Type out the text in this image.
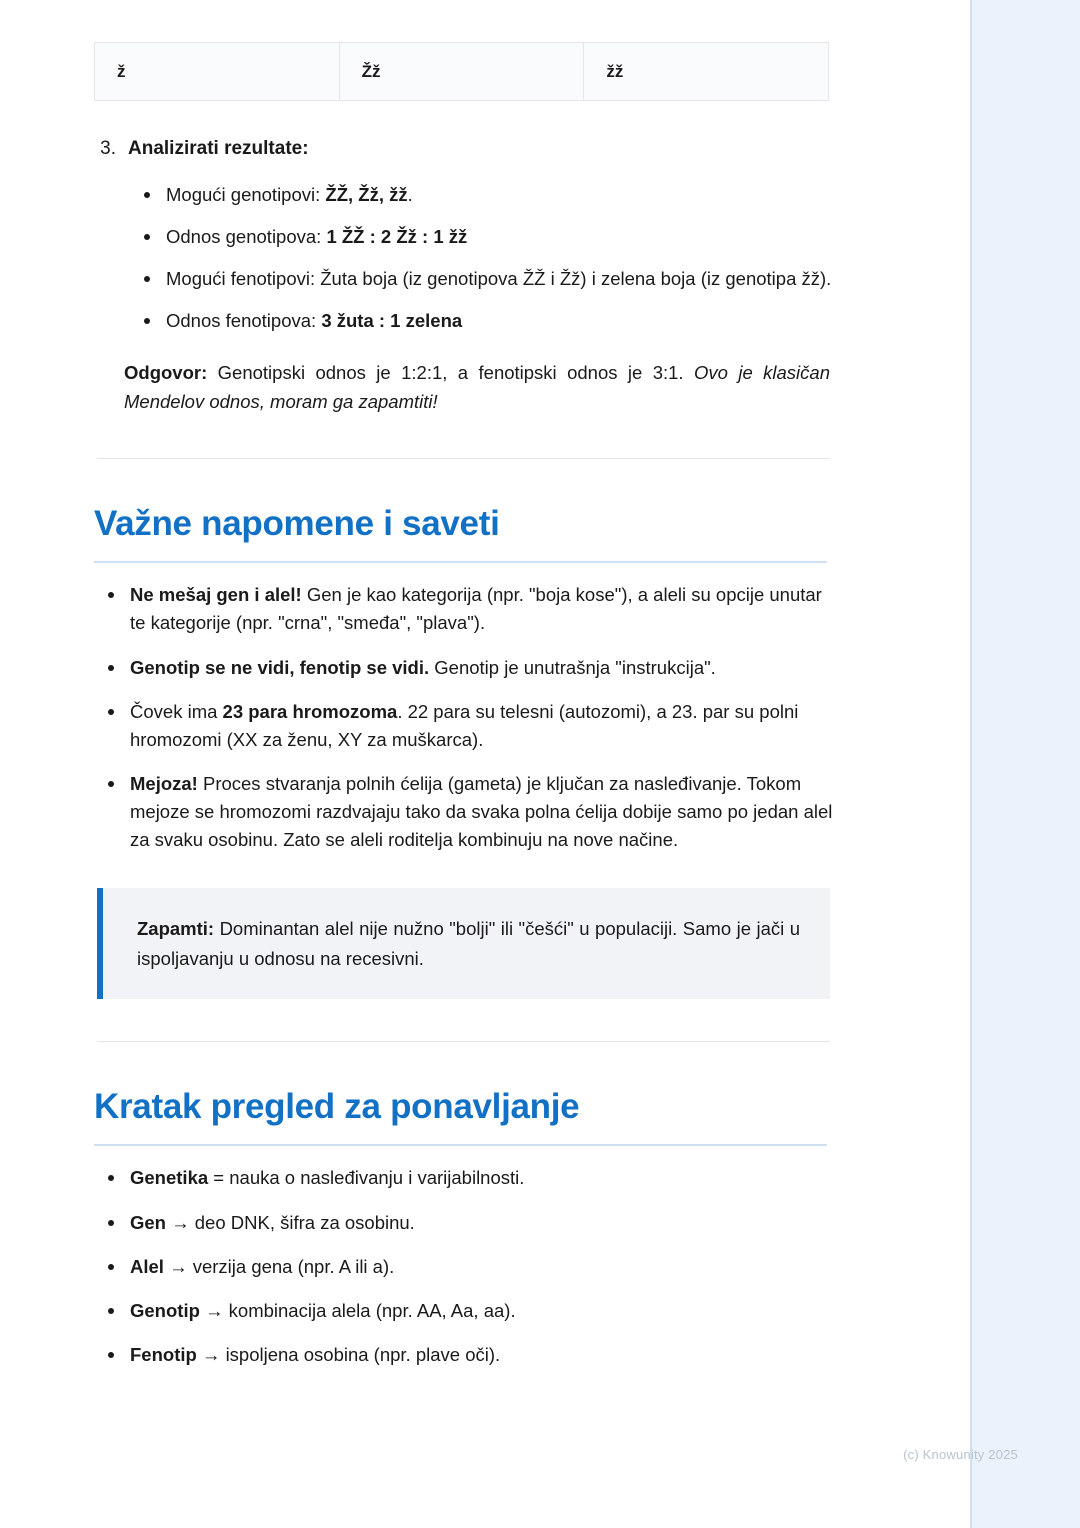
(c) Knowunity 2025
ž	Žž	žž
3. Analizirati rezultate:
Mogući genotipovi: ŽŽ, Žž, žž.
Odnos genotipova: 1 ŽŽ : 2 Žž : 1 žž
Mogući fenotipovi: Žuta boja (iz genotipova ŽŽ i Žž) i zelena boja (iz genotipa žž).
Odnos fenotipova: 3 žuta : 1 zelena
Odgovor: Genotipski odnos je 1:2:1, a fenotipski odnos je 3:1. Ovo je klasičan Mendelov odnos, moram ga zapamtiti!
Važne napomene i saveti
Ne mešaj gen i alel! Gen je kao kategorija (npr. "boja kose"), a aleli su opcije unutar te kategorije (npr. "crna", "smeđa", "plava").
Genotip se ne vidi, fenotip se vidi. Genotip je unutrašnja "instrukcija".
Čovek ima 23 para hromozoma. 22 para su telesni (autozomi), a 23. par su polni hromozomi (XX za ženu, XY za muškarca).
Mejoza! Proces stvaranja polnih ćelija (gameta) je ključan za nasleđivanje. Tokom mejoze se hromozomi razdvajaju tako da svaka polna ćelija dobije samo po jedan alel za svaku osobinu. Zato se aleli roditelja kombinuju na nove načine.
Zapamti: Dominantan alel nije nužno "bolji" ili "češći" u populaciji. Samo je jači u ispoljavanju u odnosu na recesivni.
Kratak pregled za ponavljanje
Genetika = nauka o nasleđivanju i varijabilnosti.
Gen → deo DNK, šifra za osobinu.
Alel → verzija gena (npr. A ili a).
Genotip → kombinacija alela (npr. AA, Aa, aa).
Fenotip → ispoljena osobina (npr. plave oči).
